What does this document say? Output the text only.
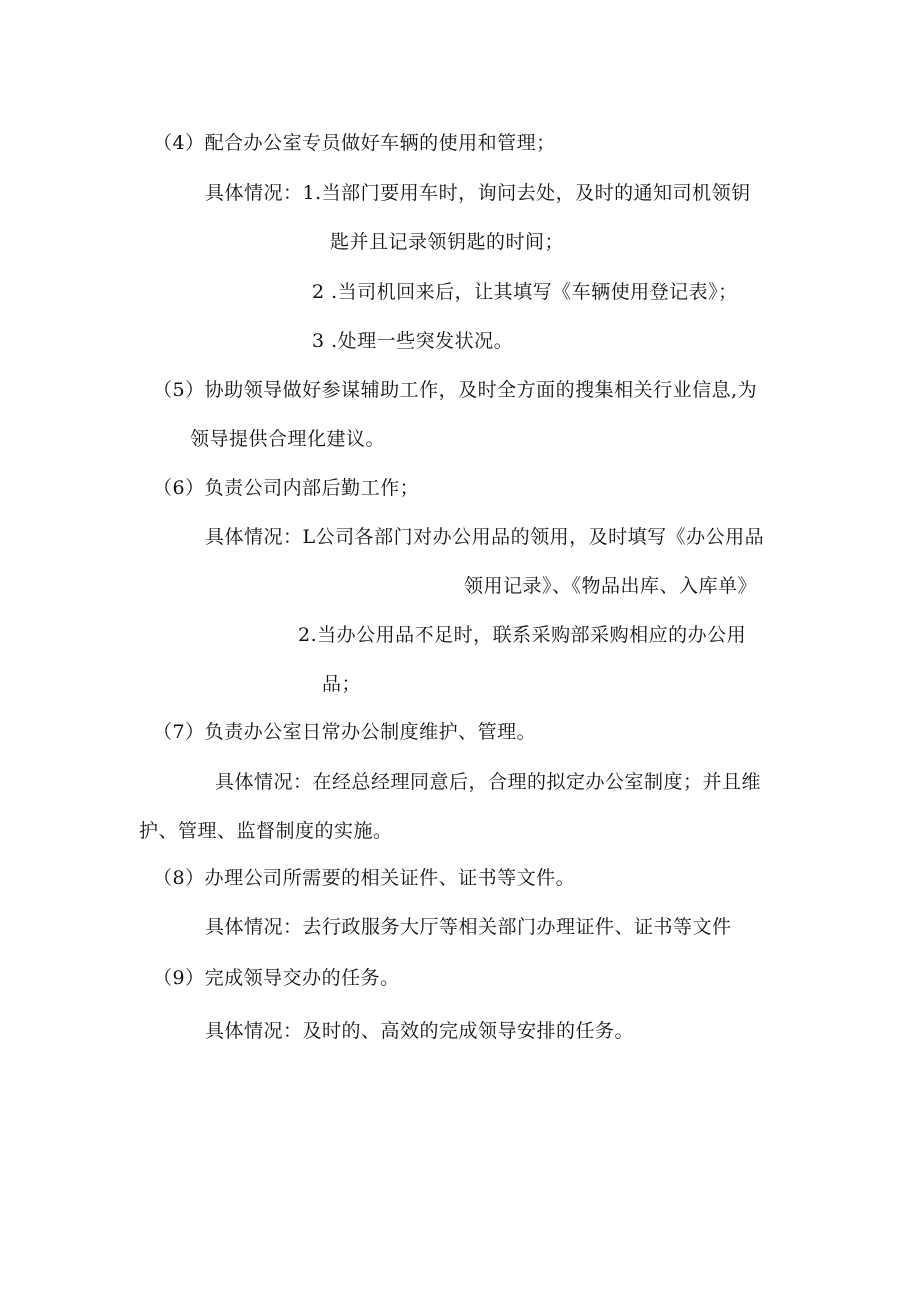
（4）配合办公室专员做好车辆的使用和管理；
具体情况：1.当部门要用车时，询问去处，及时的通知司机领钥
匙并且记录领钥匙的时间；
2 .当司机回来后，让其填写《车辆使用登记表》；
3 .处理一些突发状况。
（5）协助领导做好参谋辅助工作，及时全方面的搜集相关行业信息,为
领导提供合理化建议。
（6）负责公司内部后勤工作；
具体情况：L公司各部门对办公用品的领用，及时填写《办公用品
领用记录》、《物品出库、入库单》
2.当办公用品不足时，联系采购部采购相应的办公用
品；
（7）负责办公室日常办公制度维护、管理。
具体情况：在经总经理同意后，合理的拟定办公室制度；并且维
护、管理、监督制度的实施。
（8）办理公司所需要的相关证件、证书等文件。
具体情况：去行政服务大厅等相关部门办理证件、证书等文件
（9）完成领导交办的任务。
具体情况：及时的、高效的完成领导安排的任务。
